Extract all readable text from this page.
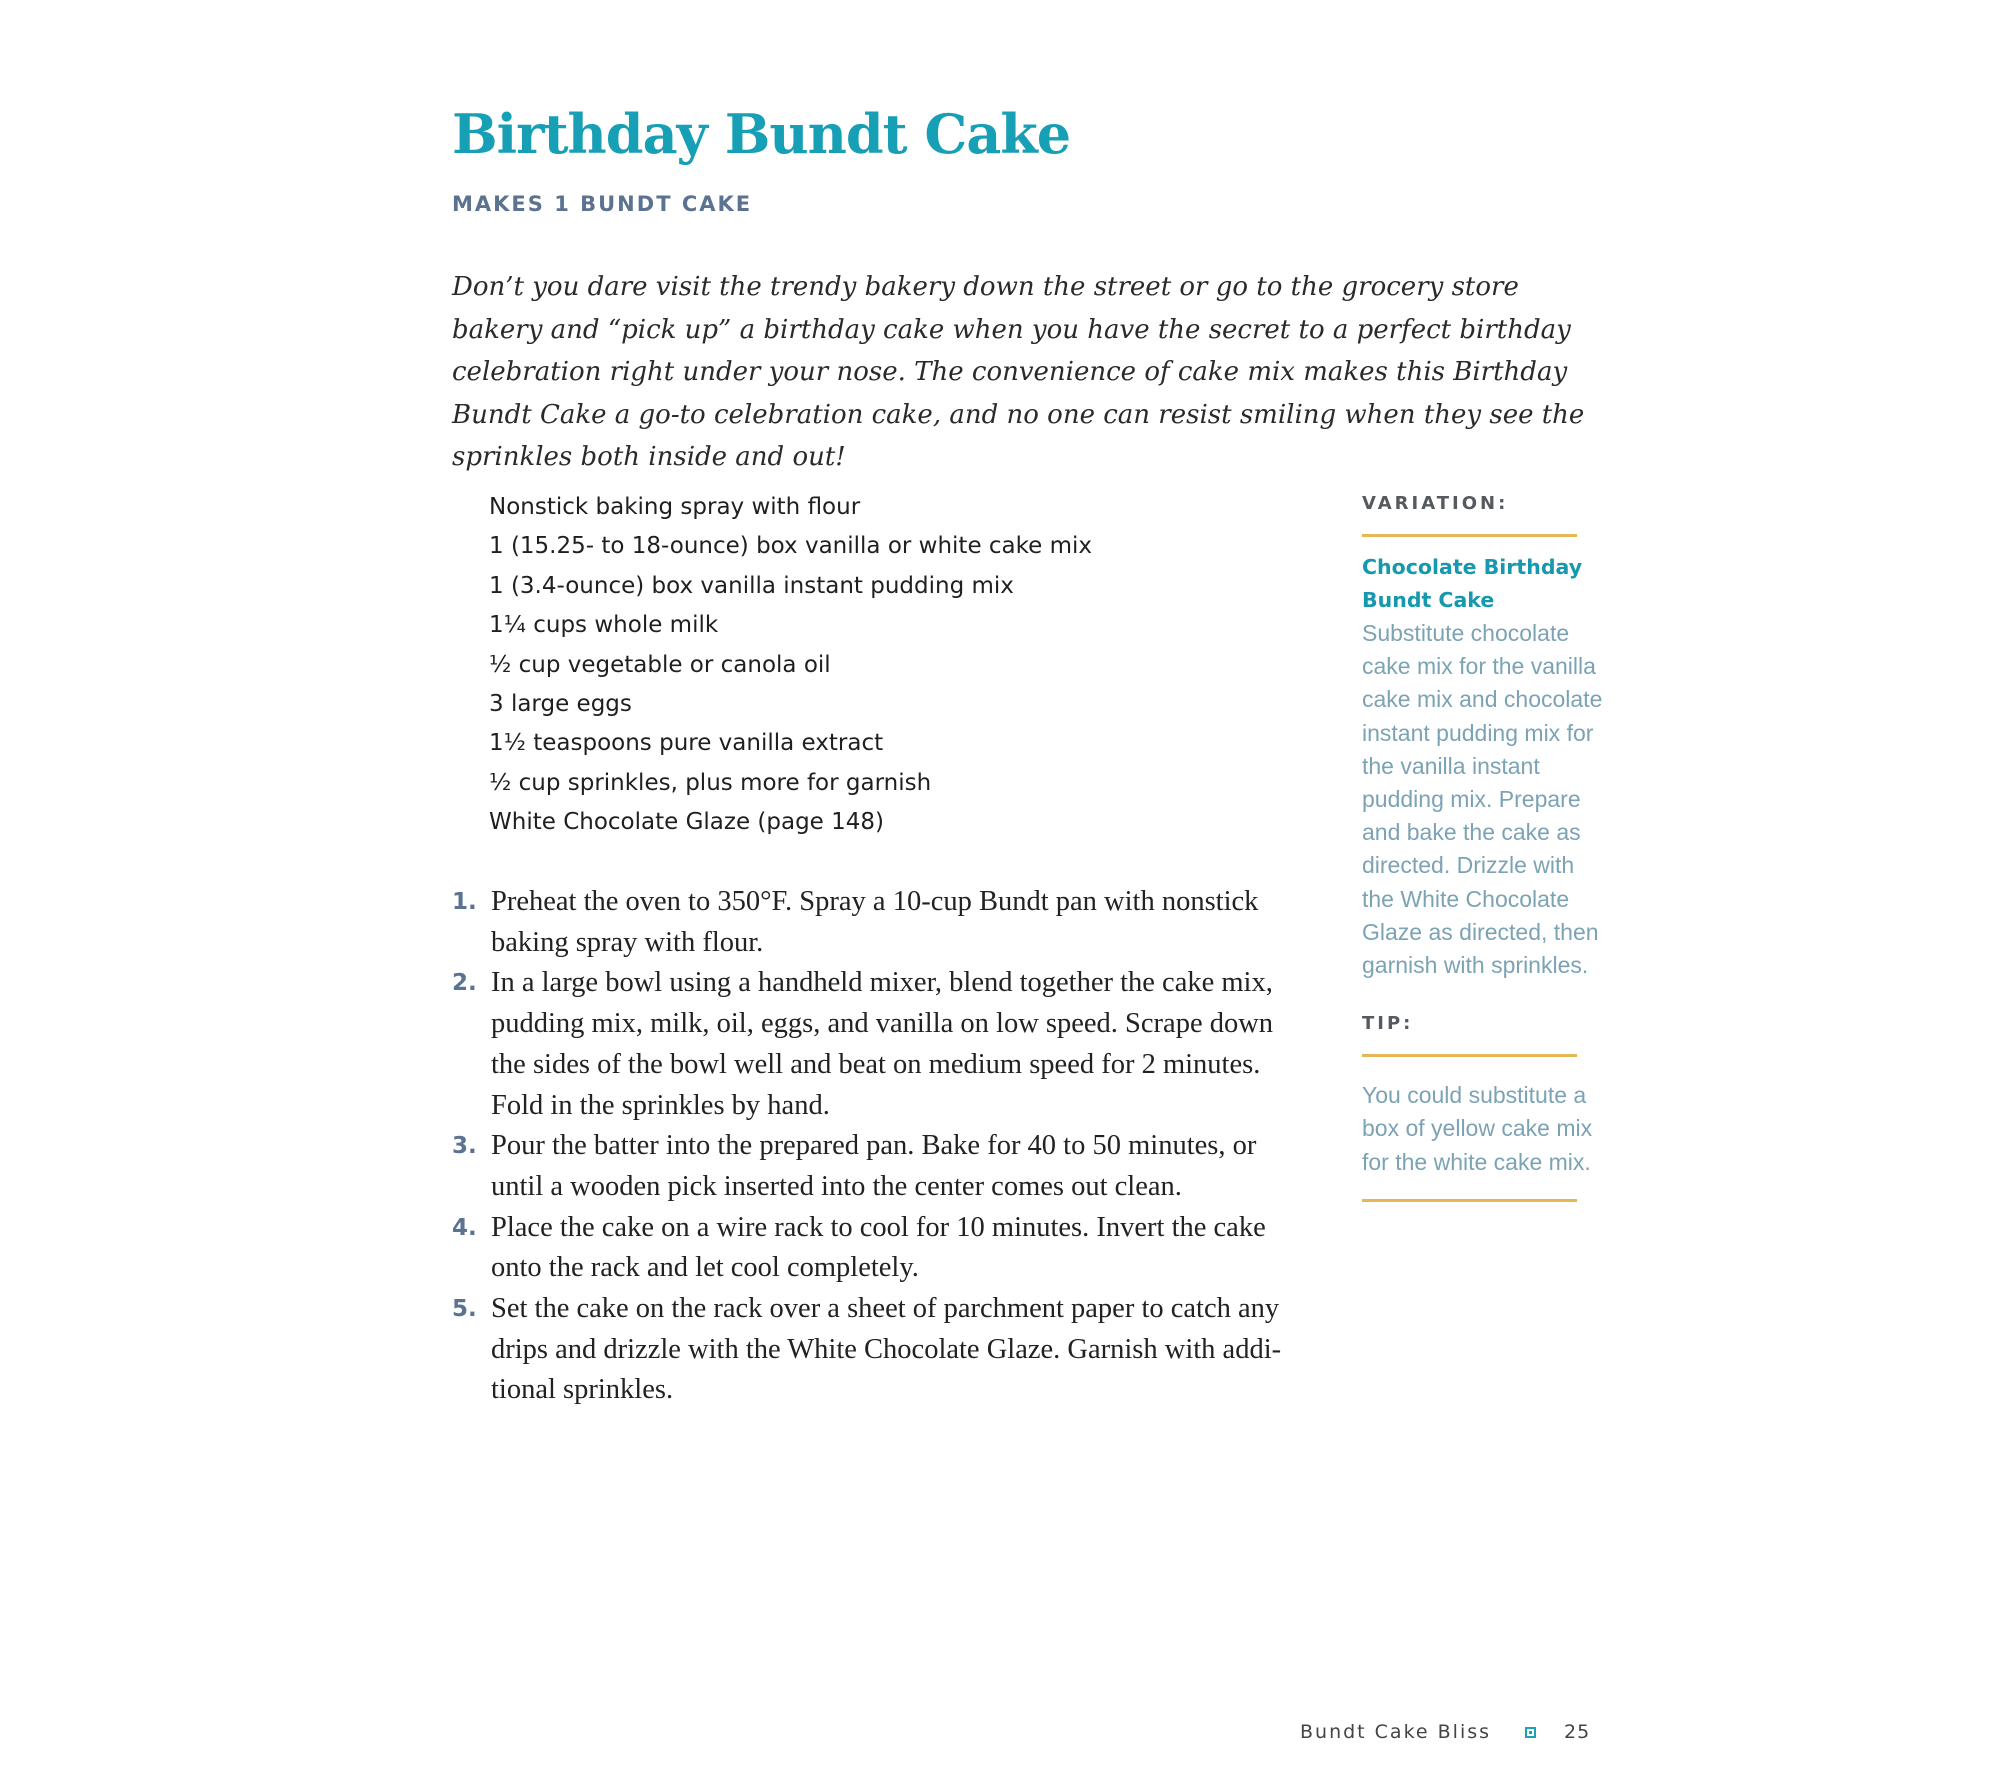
Birthday Bundt Cake
MAKES 1 BUNDT CAKE

Don’t you dare visit the trendy bakery down the street or go to the grocery store bakery and “pick up” a birthday cake when you have the secret to a perfect birthday celebration right under your nose. The convenience of cake mix makes this Birthday Bundt Cake a go-to celebration cake, and no one can resist smiling when they see the sprinkles both inside and out!

Nonstick baking spray with flour
1 (15.25- to 18-ounce) box vanilla or white cake mix
1 (3.4-ounce) box vanilla instant pudding mix
1¼ cups whole milk
½ cup vegetable or canola oil
3 large eggs
1½ teaspoons pure vanilla extract
½ cup sprinkles, plus more for garnish
White Chocolate Glaze (page 148)
1. Preheat the oven to 350°F. Spray a 10-cup Bundt pan with nonstick baking spray with flour.
2. In a large bowl using a handheld mixer, blend together the cake mix, pudding mix, milk, oil, eggs, and vanilla on low speed. Scrape down the sides of the bowl well and beat on medium speed for 2 minutes. Fold in the sprinkles by hand.
3. Pour the batter into the prepared pan. Bake for 40 to 50 minutes, or until a wooden pick inserted into the center comes out clean.
4. Place the cake on a wire rack to cool for 10 minutes. Invert the cake onto the rack and let cool completely.
5. Set the cake on the rack over a sheet of parchment paper to catch any drips and drizzle with the White Chocolate Glaze. Garnish with additional sprinkles.
VARIATION:
Chocolate Birthday Bundt Cake

Substitute chocolate cake mix for the vanilla cake mix and chocolate instant pudding mix for the vanilla instant pudding mix. Prepare and bake the cake as directed. Drizzle with the White Chocolate Glaze as directed, then garnish with sprinkles.

TIP:

You could substitute a box of yellow cake mix for the white cake mix.

Bundt Cake Bliss	25
